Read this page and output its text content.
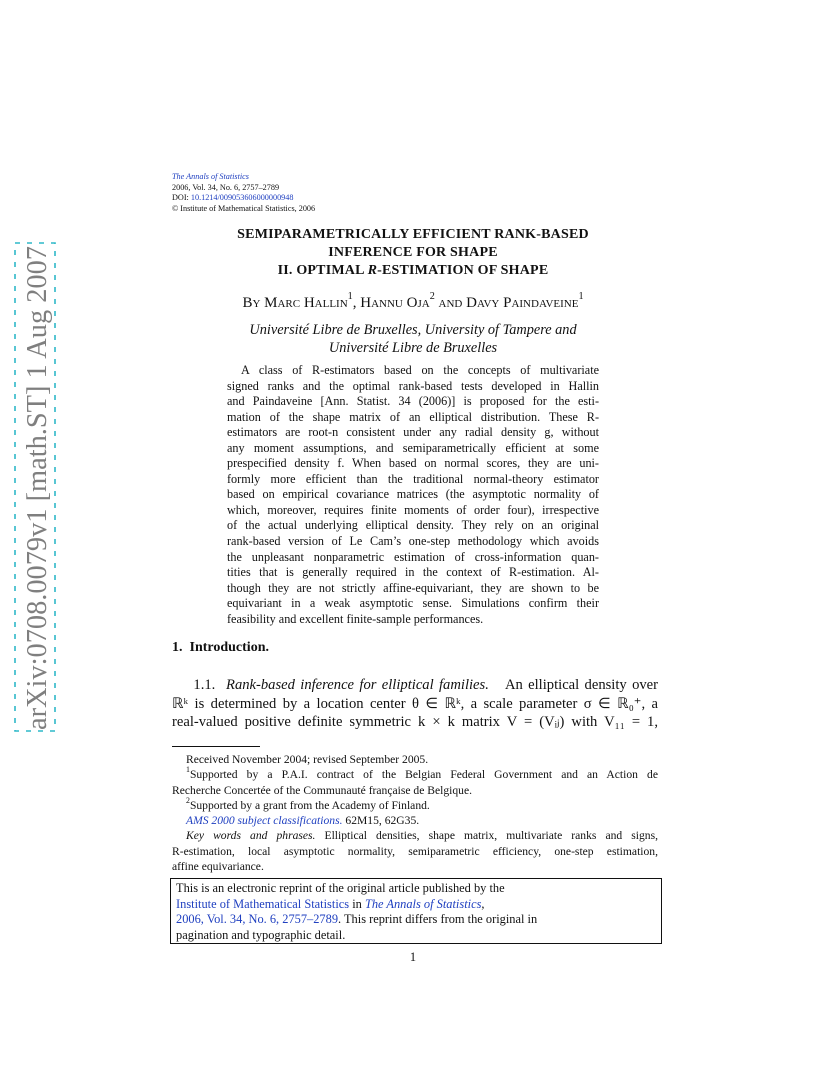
arXiv:0708.0079v1 [math.ST] 1 Aug 2007
The Annals of Statistics
2006, Vol. 34, No. 6, 2757–2789
DOI: 10.1214/009053606000000948
© Institute of Mathematical Statistics, 2006
SEMIPARAMETRICALLY EFFICIENT RANK-BASED
INFERENCE FOR SHAPE
II. OPTIMAL R-ESTIMATION OF SHAPE
By Marc Hallin$^1$, Hannu Oja$^2$ and Davy Paindaveine$^1$
Université Libre de Bruxelles, University of Tampere and
Université Libre de Bruxelles
A class of R-estimators based on the concepts of multivariate
signed ranks and the optimal rank-based tests developed in Hallin
and Paindaveine [Ann. Statist. 34 (2006)] is proposed for the esti-
mation of the shape matrix of an elliptical distribution. These R-
estimators are root-n consistent under any radial density g, without
any moment assumptions, and semiparametrically efficient at some
prespecified density f. When based on normal scores, they are uni-
formly more efficient than the traditional normal-theory estimator
based on empirical covariance matrices (the asymptotic normality of
which, moreover, requires finite moments of order four), irrespective
of the actual underlying elliptical density. They rely on an original
rank-based version of Le Cam’s one-step methodology which avoids
the unpleasant nonparametric estimation of cross-information quan-
tities that is generally required in the context of R-estimation. Al-
though they are not strictly affine-equivariant, they are shown to be
equivariant in a weak asymptotic sense. Simulations confirm their
feasibility and excellent finite-sample performances.
1. Introduction.
1.1. Rank-based inference for elliptical families. An elliptical density over
ℝᵏ is determined by a location center θ ∈ ℝᵏ, a scale parameter σ ∈ ℝ₀⁺, a
real-valued positive definite symmetric k × k matrix V = (Vᵢⱼ) with V₁₁ = 1,
Received November 2004; revised September 2005.
$^1$Supported by a P.A.I. contract of the Belgian Federal Government and an Action de
Recherche Concertée of the Communauté française de Belgique.
$^2$Supported by a grant from the Academy of Finland.
AMS 2000 subject classifications. 62M15, 62G35.
Key words and phrases. Elliptical densities, shape matrix, multivariate ranks and signs,
R-estimation, local asymptotic normality, semiparametric efficiency, one-step estimation,
affine equivariance.
This is an electronic reprint of the original article published by the
Institute of Mathematical Statistics in The Annals of Statistics,
2006, Vol. 34, No. 6, 2757–2789. This reprint differs from the original in
pagination and typographic detail.
1
